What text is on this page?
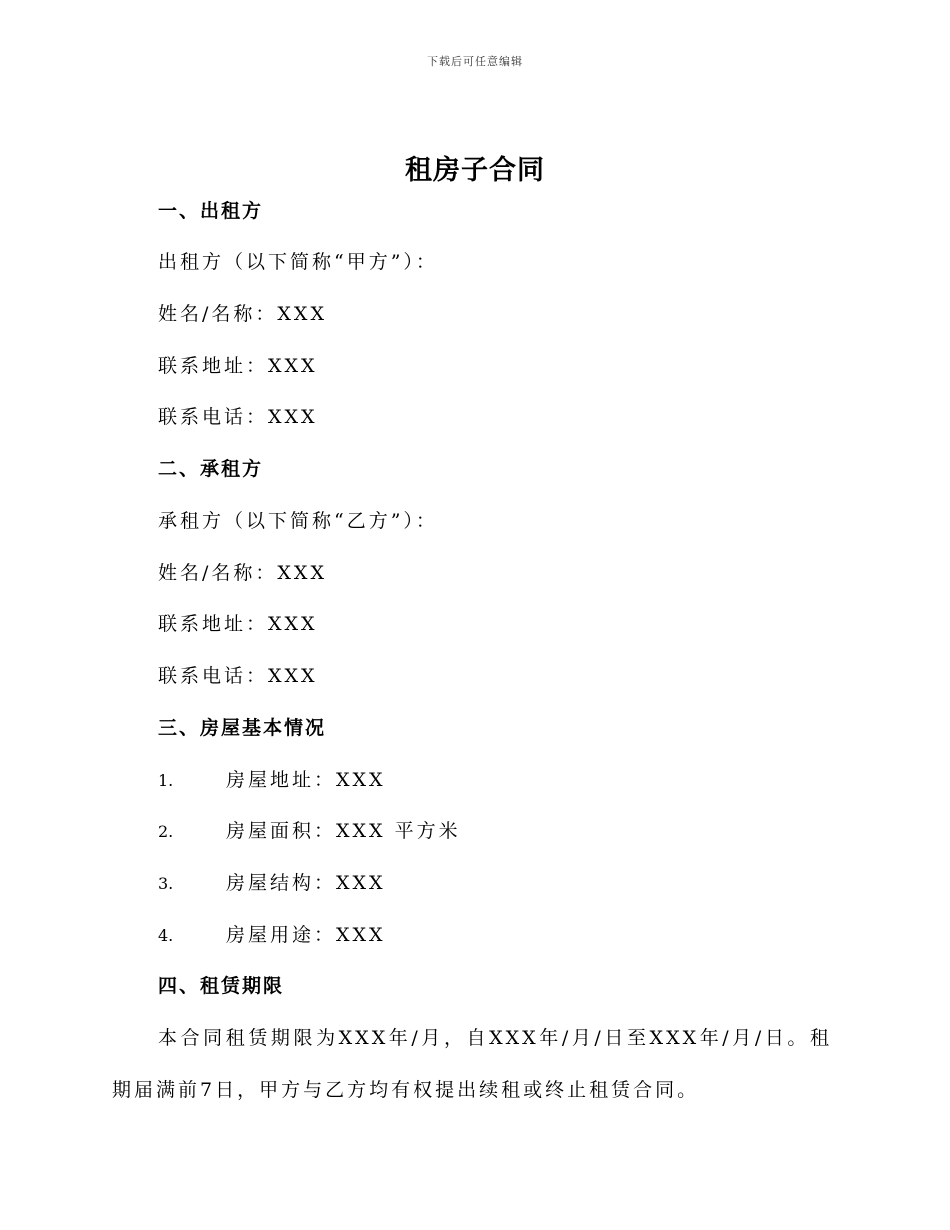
下载后可任意编辑
租房子合同
一、出租方
出租方（以下简称“甲方”）：
姓名/名称：XXX
联系地址：XXX
联系电话：XXX
二、承租方
承租方（以下简称“乙方”）：
姓名/名称：XXX
联系地址：XXX
联系电话：XXX
三、房屋基本情况
1.	房屋地址：XXX
2.	房屋面积：XXX 平方米
3.	房屋结构：XXX
4.	房屋用途：XXX
四、租赁期限
本合同租赁期限为XXX年/月，自XXX年/月/日至XXX年/月/日。租期届满前7日，甲方与乙方均有权提出续租或终止租赁合同。
